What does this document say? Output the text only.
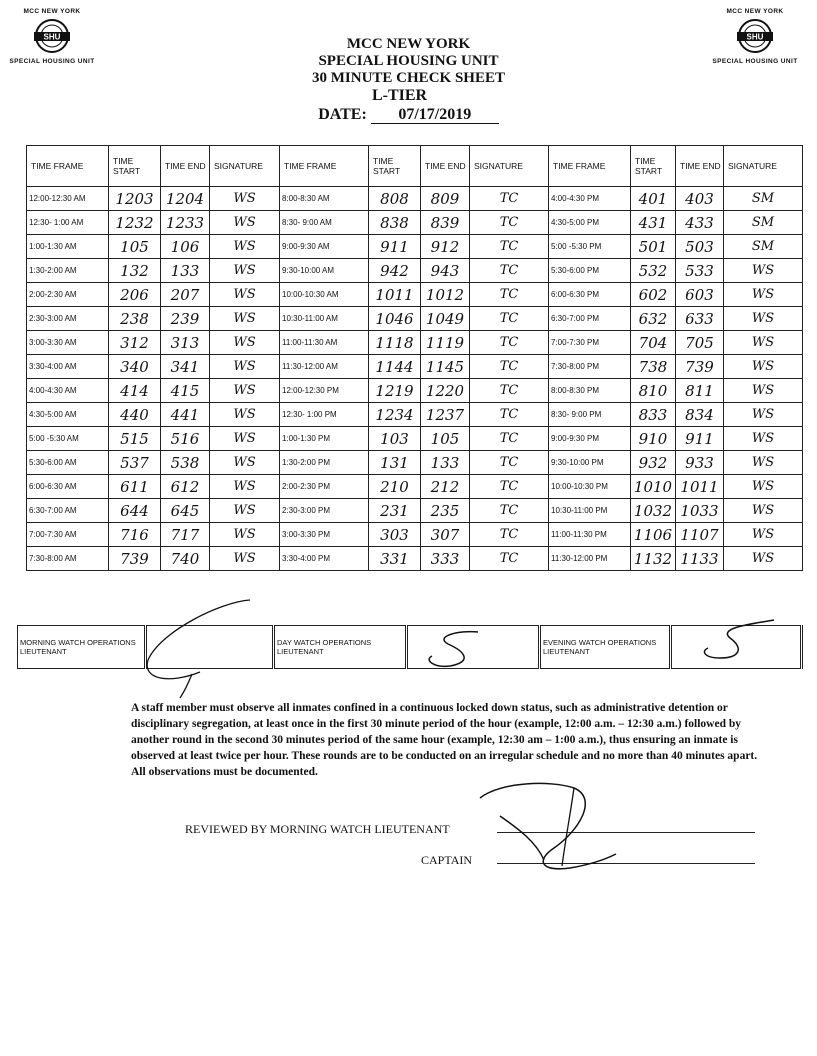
MCC NEW YORK
SHU
SPECIAL HOUSING UNIT
MCC NEW YORK
SHU
SPECIAL HOUSING UNIT
MCC NEW YORK
SPECIAL HOUSING UNIT
30 MINUTE CHECK SHEET
L-TIER
DATE: 07/17/2019
TIME FRAME	TIME START	TIME END	SIGNATURE	TIME FRAME	TIME START	TIME END	SIGNATURE	TIME FRAME	TIME START	TIME END	SIGNATURE
12:00-12:30 AM	1203	1204	WS	8:00-8:30 AM	808	809	TC	4:00-4:30 PM	401	403	SM
12:30- 1:00 AM	1232	1233	WS	8:30- 9:00 AM	838	839	TC	4:30-5:00 PM	431	433	SM
1:00-1:30 AM	105	106	WS	9:00-9:30 AM	911	912	TC	5:00 -5:30 PM	501	503	SM
1:30-2:00 AM	132	133	WS	9:30-10:00 AM	942	943	TC	5:30-6:00 PM	532	533	WS
2:00-2:30 AM	206	207	WS	10:00-10:30 AM	1011	1012	TC	6:00-6:30 PM	602	603	WS
2:30-3:00 AM	238	239	WS	10:30-11:00 AM	1046	1049	TC	6:30-7:00 PM	632	633	WS
3:00-3:30 AM	312	313	WS	11:00-11:30 AM	1118	1119	TC	7:00-7:30 PM	704	705	WS
3:30-4:00 AM	340	341	WS	11:30-12:00 AM	1144	1145	TC	7:30-8:00 PM	738	739	WS
4:00-4:30 AM	414	415	WS	12:00-12:30 PM	1219	1220	TC	8:00-8:30 PM	810	811	WS
4:30-5:00 AM	440	441	WS	12:30- 1:00 PM	1234	1237	TC	8:30- 9:00 PM	833	834	WS
5:00 -5:30 AM	515	516	WS	1:00-1:30 PM	103	105	TC	9:00-9:30 PM	910	911	WS
5:30-6:00 AM	537	538	WS	1:30-2:00 PM	131	133	TC	9:30-10:00 PM	932	933	WS
6:00-6:30 AM	611	612	WS	2:00-2:30 PM	210	212	TC	10:00-10:30 PM	1010	1011	WS
6:30-7:00 AM	644	645	WS	2:30-3:00 PM	231	235	TC	10:30-11:00 PM	1032	1033	WS
7:00-7:30 AM	716	717	WS	3:00-3:30 PM	303	307	TC	11:00-11:30 PM	1106	1107	WS
7:30-8:00 AM	739	740	WS	3:30-4:00 PM	331	333	TC	11:30-12:00 PM	1132	1133	WS
MORNING WATCH OPERATIONS LIEUTENANT		DAY WATCH OPERATIONS LIEUTENANT		EVENING WATCH OPERATIONS LIEUTENANT	
A staff member must observe all inmates confined in a continuous locked down status, such as administrative detention or disciplinary segregation, at least once in the first 30 minute period of the hour (example, 12:00 a.m. – 12:30 a.m.) followed by another round in the second 30 minutes period of the same hour (example, 12:30 am – 1:00 a.m.), thus ensuring an inmate is observed at least twice per hour. These rounds are to be conducted on an irregular schedule and no more than 40 minutes apart. All observations must be documented.
REVIEWED BY MORNING WATCH LIEUTENANT
CAPTAIN
